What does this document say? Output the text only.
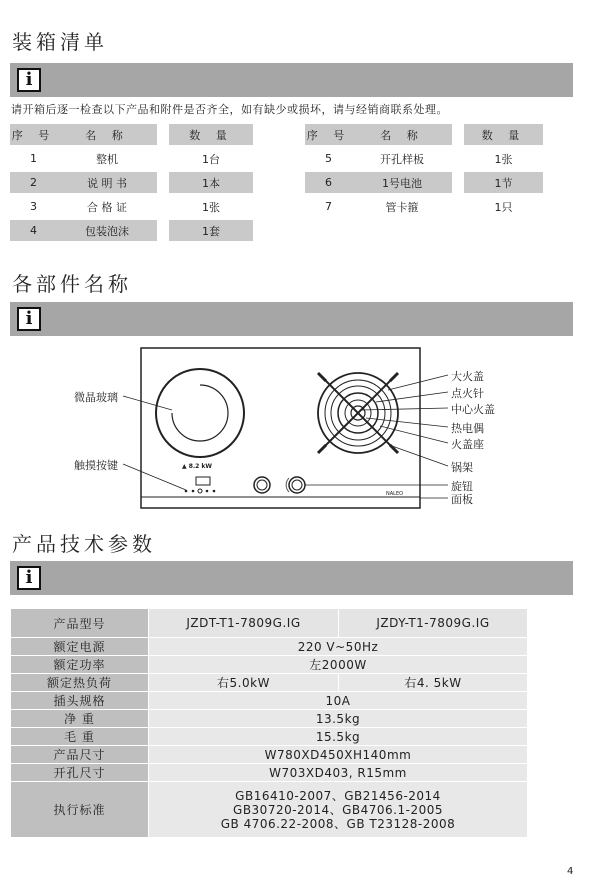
装箱清单
i
请开箱后逐一检查以下产品和附件是否齐全，如有缺少或损坏，请与经销商联系处理。
序 号	名 称		数 量
1	整机		1台
2	说 明 书		1本
3	合 格 证		1张
4	包装泡沫		1套
序 号	名 称		数 量
5	开孔样板		1张
6	1号电池		1节
7	管卡箍		1只
各部件名称
i
▲ 8.2 kW
NALEO
微晶玻璃
触摸按键
大火盖
点火针
中心火盖
热电偶
火盖座
锅架
旋钮
面板
产品技术参数
i
产品型号	JZDT-T1-7809G.IG	JZDY-T1-7809G.IG
额定电源	220 V~50Hz	
额定功率	左2000W	
额定热负荷	右5.0kW	右4. 5kW
插头规格	10A	
净 重	13.5kg	
毛 重	15.5kg	
产品尺寸	W780XD450XH140mm	
开孔尺寸	W703XD403, R15mm	
执行标准	GB16410-2007、GB21456-2014
GB30720-2014、GB4706.1-2005
GB 4706.22-2008、GB T23128-2008	
4
